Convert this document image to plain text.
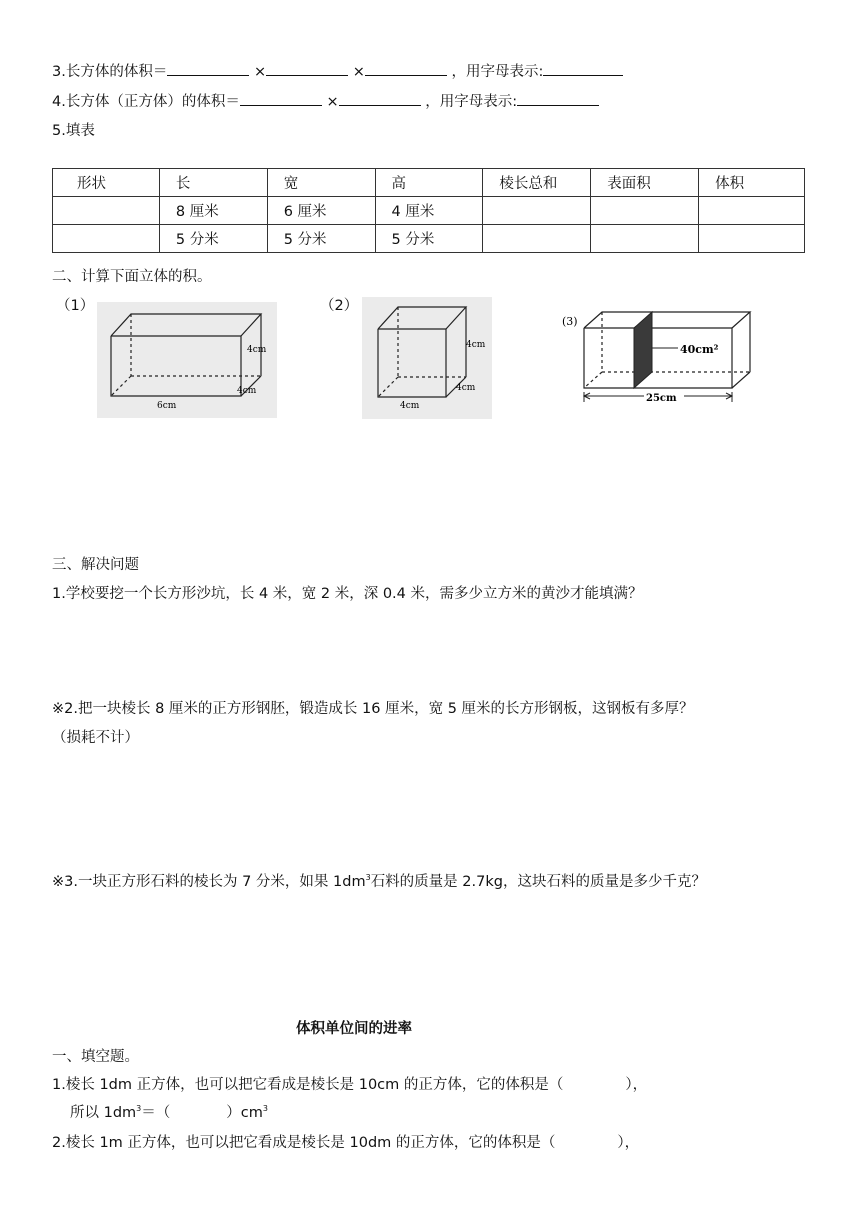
3.长方体的体积＝	×	×	，用字母表示:
4.长方体（正方体）的体积＝	×	，用字母表示:
5.填表
形状	长	宽	高	棱长总和	表面积	体积
	8 厘米	6 厘米	4 厘米			
	5 分米	5 分米	5 分米			
二、计算下面立体的积。
（1）
4cm
4cm
6cm
（2）
4cm
4cm
4cm
(3)
40cm²
25cm
三、解决问题
1.学校要挖一个长方形沙坑，长 4 米，宽 2 米，深 0.4 米，需多少立方米的黄沙才能填满？
※2.把一块棱长 8 厘米的正方形钢胚，锻造成长 16 厘米，宽 5 厘米的长方形钢板，这钢板有多厚？
（损耗不计）
※3.一块正方形石料的棱长为 7 分米，如果 $1dm^3$石料的质量是 2.7kg，这块石料的质量是多少千克？
体积单位间的进率
一、填空题。
1.棱长 1dm 正方体，也可以把它看成是棱长是 10cm 的正方体，它的体积是（	），
所以 $1dm^3=$（	）$cm^3$
2.棱长 1m 正方体，也可以把它看成是棱长是 10dm 的正方体，它的体积是（	），
